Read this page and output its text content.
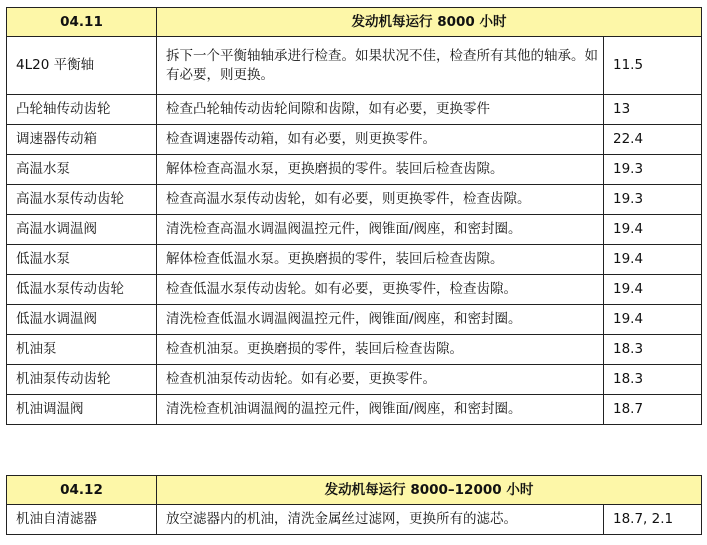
04.11	发动机每运行 8000 小时	
4L20 平衡轴	拆下一个平衡轴轴承进行检查。如果状况不佳，检查所有其他的轴承。如有必要，则更换。	11.5
凸轮轴传动齿轮	检查凸轮轴传动齿轮间隙和齿隙，如有必要，更换零件	13
调速器传动箱	检查调速器传动箱，如有必要，则更换零件。	22.4
高温水泵	解体检查高温水泵，更换磨损的零件。装回后检查齿隙。	19.3
高温水泵传动齿轮	检查高温水泵传动齿轮，如有必要，则更换零件，检查齿隙。	19.3
高温水调温阀	清洗检查高温水调温阀温控元件，阀锥面/阀座，和密封圈。	19.4
低温水泵	解体检查低温水泵。更换磨损的零件，装回后检查齿隙。	19.4
低温水泵传动齿轮	检查低温水泵传动齿轮。如有必要，更换零件，检查齿隙。	19.4
低温水调温阀	清洗检查低温水调温阀温控元件，阀锥面/阀座，和密封圈。	19.4
机油泵	检查机油泵。更换磨损的零件，装回后检查齿隙。	18.3
机油泵传动齿轮	检查机油泵传动齿轮。如有必要，更换零件。	18.3
机油调温阀	清洗检查机油调温阀的温控元件，阀锥面/阀座，和密封圈。	18.7
04.12	发动机每运行 8000–12000 小时	
机油自清滤器	放空滤器内的机油，清洗金属丝过滤网，更换所有的滤芯。	18.7, 2.1
